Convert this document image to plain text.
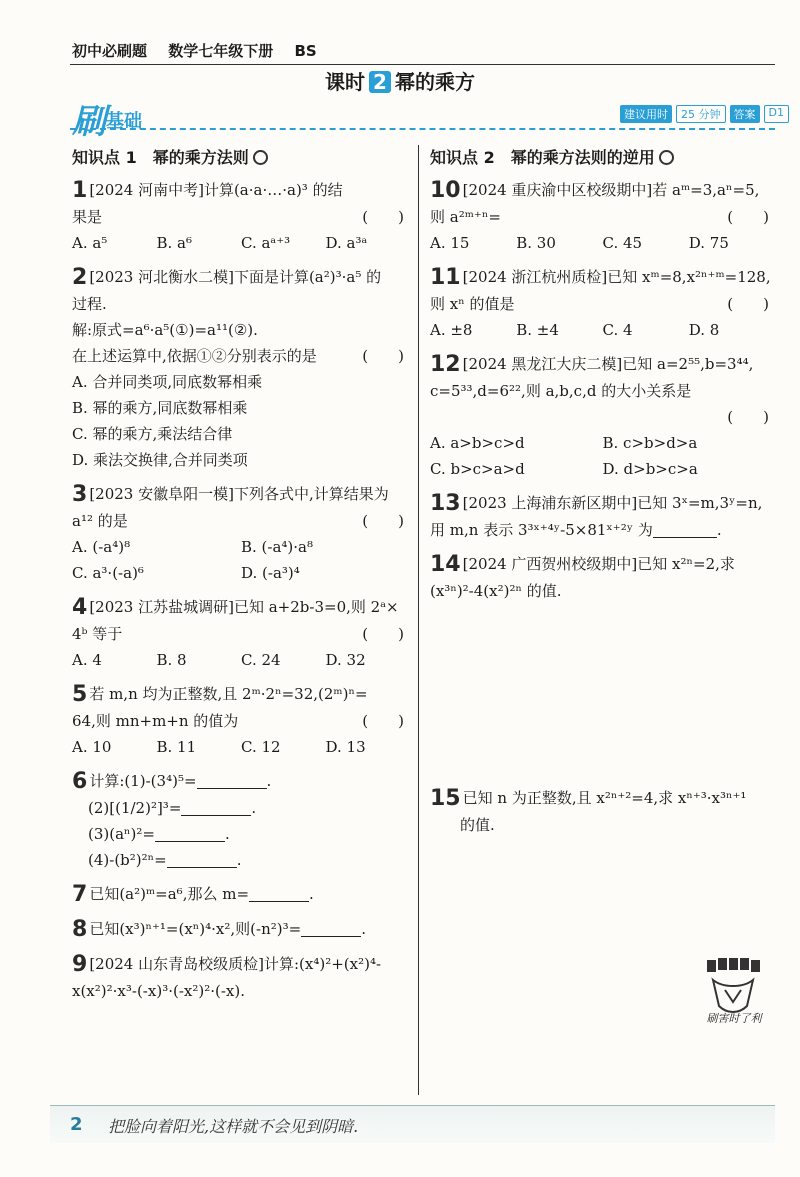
初中必刷题 数学七年级下册 BS
课时 2 幂的乘方
刷基础	建议用时	25 分钟	答案	D1
知识点 1　幂的乘方法则
1 [2024 河南中考]计算(a·a·…·a)³ 的结
果是	(　　)
A. a⁵	B. a⁶	C. aᵃ⁺³	D. a³ᵃ
2 [2023 河北衡水二模]下面是计算(a²)³·a⁵ 的
过程.
解:原式=a⁶·a⁵(①)=a¹¹(②).
在上述运算中,依据①②分别表示的是	(　　)
A. 合并同类项,同底数幂相乘
B. 幂的乘方,同底数幂相乘
C. 幂的乘方,乘法结合律
D. 乘法交换律,合并同类项
3 [2023 安徽阜阳一模]下列各式中,计算结果为
a¹² 的是	(　　)
A. (-a⁴)⁸	B. (-a⁴)·a⁸
C. a³·(-a)⁶	D. (-a³)⁴
4 [2023 江苏盐城调研]已知 a+2b-3=0,则 2ᵃ×
4ᵇ 等于	(　　)
A. 4	B. 8	C. 24	D. 32
5 若 m,n 均为正整数,且 2ᵐ·2ⁿ=32,(2ᵐ)ⁿ=
64,则 mn+m+n 的值为	(　　)
A. 10	B. 11	C. 12	D. 13
6 计算:(1)-(3⁴)⁵=	.
(2)[(1/2)²]³=	.
(3)(aⁿ)²=	.
(4)-(b²)²ⁿ=	.
7 已知(a²)ᵐ=a⁶,那么 m=	.
8 已知(x³)ⁿ⁺¹=(xⁿ)⁴·x²,则(-n²)³=	.
9 [2024 山东青岛校级质检]计算:(x⁴)²+(x²)⁴-
x(x²)²·x³-(-x)³·(-x²)²·(-x).
知识点 2　幂的乘方法则的逆用
10 [2024 重庆渝中区校级期中]若 aᵐ=3,aⁿ=5,
则 a²ᵐ⁺ⁿ=	(　　)
A. 15	B. 30	C. 45	D. 75
11 [2024 浙江杭州质检]已知 xᵐ=8,x²ⁿ⁺ᵐ=128,
则 xⁿ 的值是	(　　)
A. ±8	B. ±4	C. 4	D. 8
12 [2024 黑龙江大庆二模]已知 a=2⁵⁵,b=3⁴⁴,
c=5³³,d=6²²,则 a,b,c,d 的大小关系是
(　　)

A. a>b>c>d	B. c>b>d>a
C. b>c>a>d	D. d>b>c>a
13 [2023 上海浦东新区期中]已知 3ˣ=m,3ʸ=n,
用 m,n 表示 3³ˣ⁺⁴ʸ-5×81ˣ⁺²ʸ 为	.
14 [2024 广西贺州校级期中]已知 x²ⁿ=2,求
(x³ⁿ)²-4(x²)²ⁿ 的值.
15 已知 n 为正整数,且 x²ⁿ⁺²=4,求 xⁿ⁺³·x³ⁿ⁺¹
的值.
刷害时了利
2 把脸向着阳光,这样就不会见到阴暗.
